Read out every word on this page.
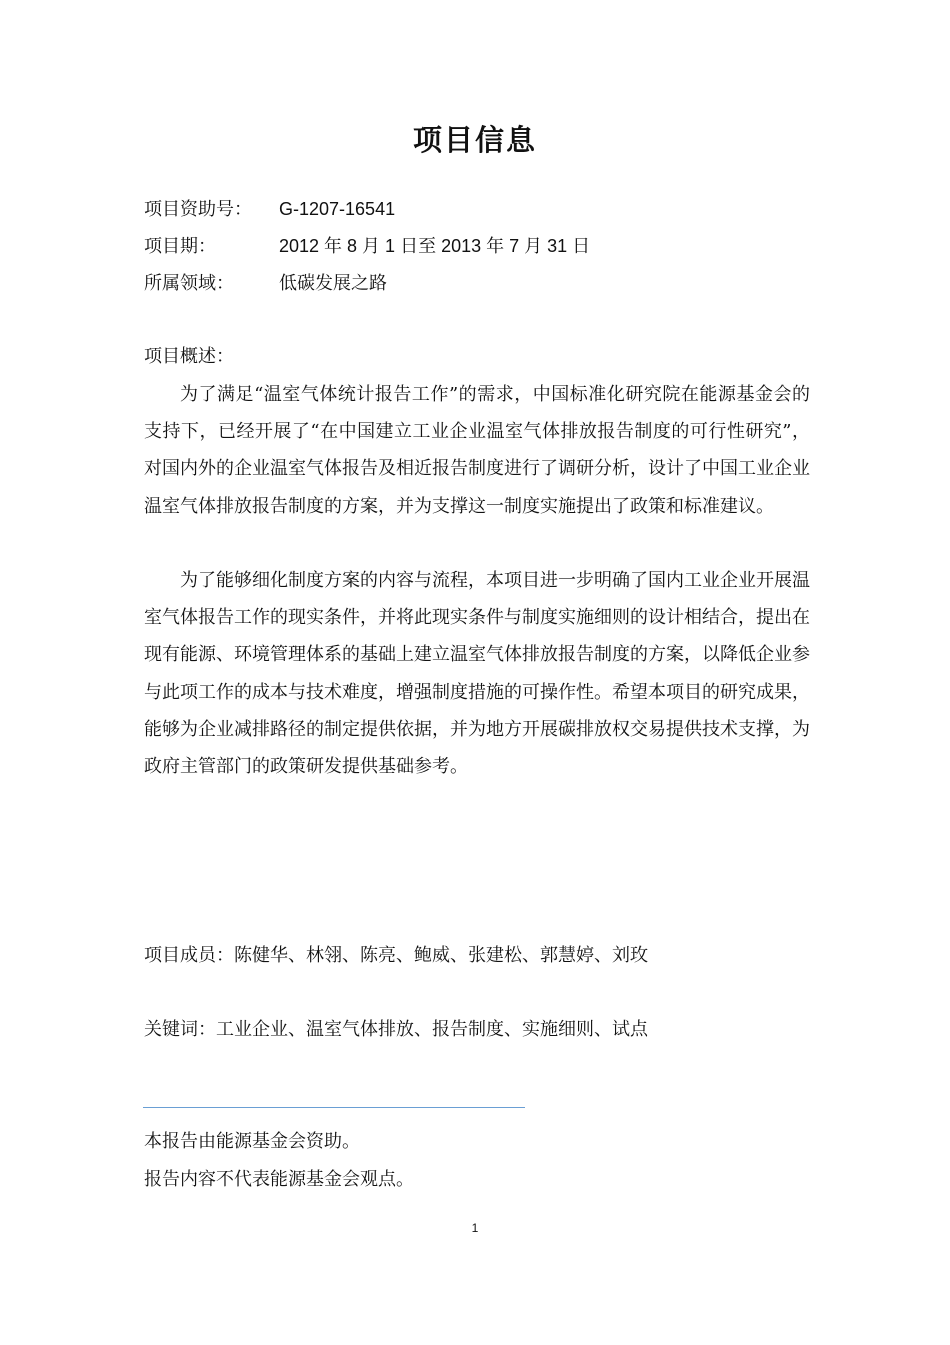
项目信息
项目资助号： G-1207-16541
项目期：	2012 年 8 月 1 日至 2013 年 7 月 31 日
所属领域：	低碳发展之路
项目概述：

为了满足“温室气体统计报告工作”的需求，中国标准化研究院在能源基金会的支持下，已经开展了“在中国建立工业企业温室气体排放报告制度的可行性研究”，对国内外的企业温室气体报告及相近报告制度进行了调研分析，设计了中国工业企业温室气体排放报告制度的方案，并为支撑这一制度实施提出了政策和标准建议。

为了能够细化制度方案的内容与流程，本项目进一步明确了国内工业企业开展温室气体报告工作的现实条件，并将此现实条件与制度实施细则的设计相结合，提出在现有能源、环境管理体系的基础上建立温室气体排放报告制度的方案，以降低企业参与此项工作的成本与技术难度，增强制度措施的可操作性。希望本项目的研究成果，能够为企业减排路径的制定提供依据，并为地方开展碳排放权交易提供技术支撑，为政府主管部门的政策研发提供基础参考。

项目成员：陈健华、林翎、陈亮、鲍威、张建松、郭慧婷、刘玫
关键词：工业企业、温室气体排放、报告制度、实施细则、试点
本报告由能源基金会资助。
报告内容不代表能源基金会观点。
1
